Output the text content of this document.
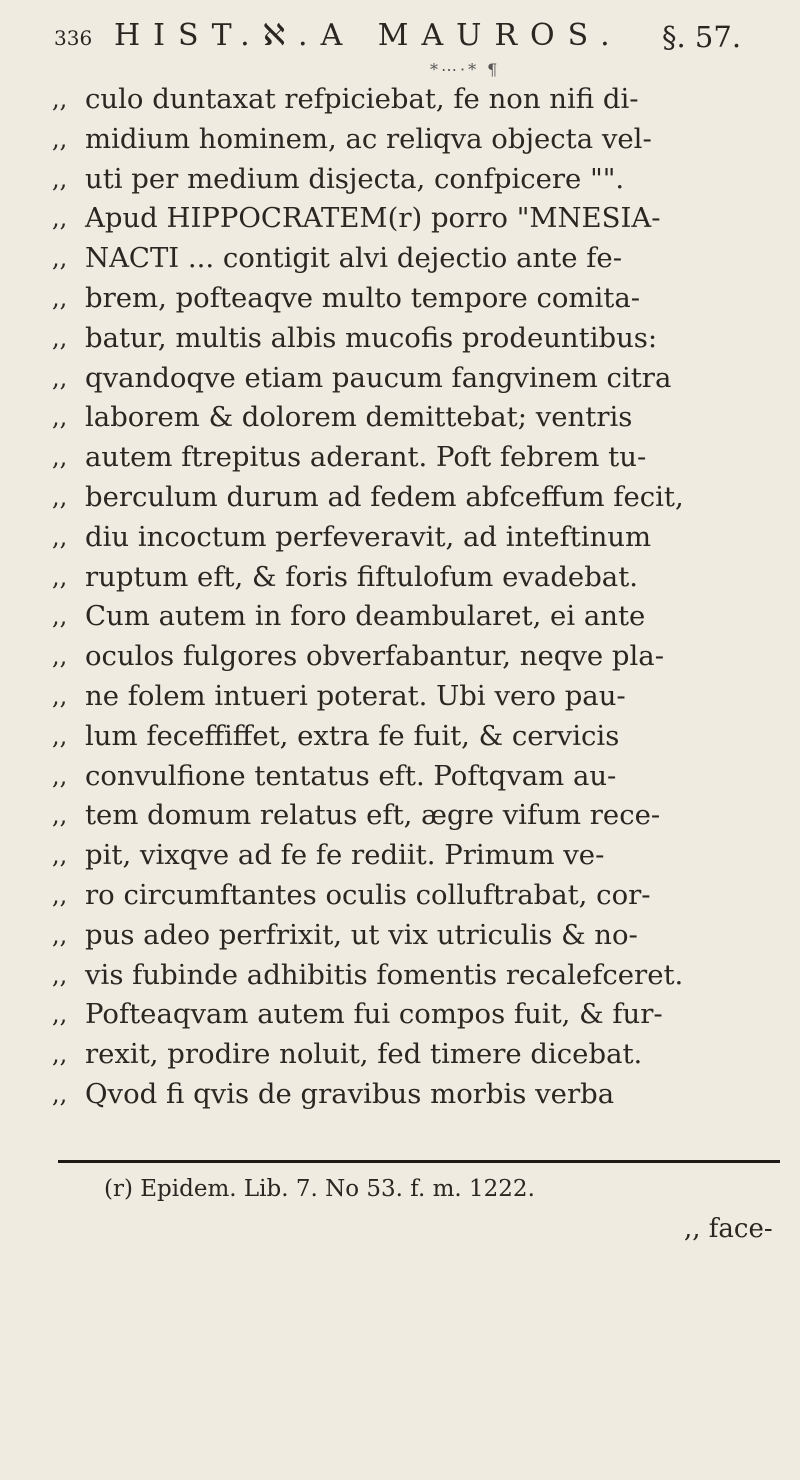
336 HIST.ℵ.A MAUROS. §. 57.
*⋯·* ¶
,, culo duntaxat refpiciebat, fe non nifi di-
,, midium hominem, ac reliqva objecta vel-
,, uti per medium disjecta, confpicere "".
,, Apud HIPPOCRATEM(r) porro "MNESIA-
,, NACTI ... contigit alvi dejectio ante fe-
,, brem, pofteaqve multo tempore comita-
,, batur, multis albis mucofis prodeuntibus:
,, qvandoqve etiam paucum fangvinem citra
,, laborem & dolorem demittebat; ventris
,, autem ftrepitus aderant. Poft febrem tu-
,, berculum durum ad fedem abfceffum fecit,
,, diu incoctum perfeveravit, ad inteftinum
,, ruptum eft, & foris fiftulofum evadebat.
,, Cum autem in foro deambularet, ei ante
,, oculos fulgores obverfabantur, neqve pla-
,, ne folem intueri poterat. Ubi vero pau-
,, lum feceffiffet, extra fe fuit, & cervicis
,, convulfione tentatus eft. Poftqvam au-
,, tem domum relatus eft, ægre vifum rece-
,, pit, vixqve ad fe fe rediit. Primum ve-
,, ro circumftantes oculis colluftrabat, cor-
,, pus adeo perfrixit, ut vix utriculis & no-
,, vis fubinde adhibitis fomentis recalefceret.
,, Pofteaqvam autem fui compos fuit, & fur-
,, rexit, prodire noluit, fed timere dicebat.
,, Qvod fi qvis de gravibus morbis verba
(r) Epidem. Lib. 7. No 53. f. m. 1222.
,, face-
